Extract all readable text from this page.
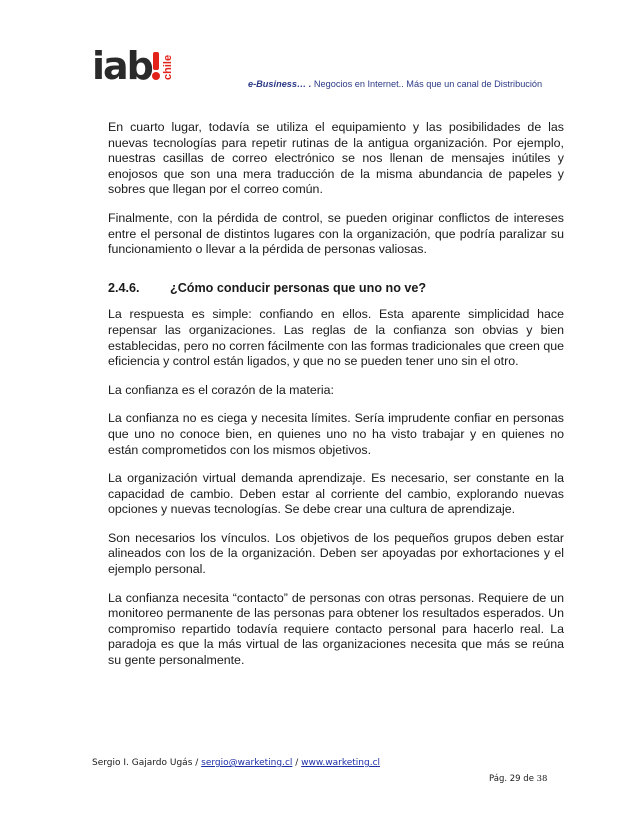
iab chile
e-Business… . Negocios en Internet.. Más que un canal de Distribución

En cuarto lugar, todavía se utiliza el equipamiento y las posibilidades de las nuevas tecnologías para repetir rutinas de la antigua organización. Por ejemplo, nuestras casillas de correo electrónico se nos llenan de mensajes inútiles y enojosos que son una mera traducción de la misma abundancia de papeles y sobres que llegan por el correo común.

Finalmente, con la pérdida de control, se pueden originar conflictos de intereses entre el personal de distintos lugares con la organización, que podría paralizar su funcionamiento o llevar a la pérdida de personas valiosas.

2.4.6. ¿Cómo conducir personas que uno no ve?

La respuesta es simple: confiando en ellos. Esta aparente simplicidad hace repensar las organizaciones. Las reglas de la confianza son obvias y bien establecidas, pero no corren fácilmente con las formas tradicionales que creen que eficiencia y control están ligados, y que no se pueden tener uno sin el otro.

La confianza es el corazón de la materia:

La confianza no es ciega y necesita límites. Sería imprudente confiar en personas que uno no conoce bien, en quienes uno no ha visto trabajar y en quienes no están comprometidos con los mismos objetivos.

La organización virtual demanda aprendizaje. Es necesario, ser constante en la capacidad de cambio. Deben estar al corriente del cambio, explorando nuevas opciones y nuevas tecnologías. Se debe crear una cultura de aprendizaje.

Son necesarios los vínculos. Los objetivos de los pequeños grupos deben estar alineados con los de la organización. Deben ser apoyadas por exhortaciones y el ejemplo personal.

La confianza necesita “contacto” de personas con otras personas. Requiere de un monitoreo permanente de las personas para obtener los resultados esperados. Un compromiso repartido todavía requiere contacto personal para hacerlo real. La paradoja es que la más virtual de las organizaciones necesita que más se reúna su gente personalmente.

Sergio I. Gajardo Ugás / sergio@warketing.cl / www.warketing.cl
Pág. 29 de 38
